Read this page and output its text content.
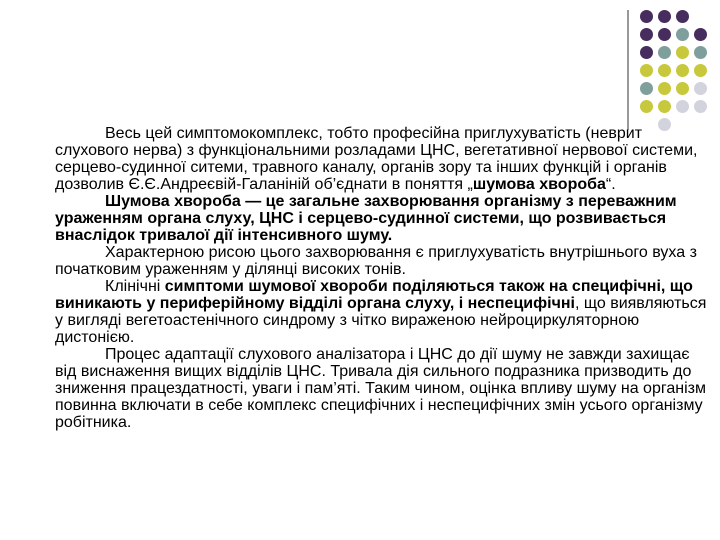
Весь цей симптомокомплекс, тобто професійна приглухуватість (неврит слухового нерва) з функціональними розладами ЦНС, вегетативної нервової системи, серцево-судинної ситеми, травного каналу, органів зору та інших функцій і органів дозволив Є.Є.Андреєвій-Галаніній об’єднати в поняття „шумова хвороба“.

Шумова хвороба — це загальне захворювання організму з переважним ураженням органа слуху, ЦНС і серцево-судинної системи, що розвивається внаслідок тривалої дії інтенсивного шуму.

Характерною рисою цього захворювання є приглухуватість внутрішнього вуха з початковим ураженням у ділянці високих тонів.

Клінічні симптоми шумової хвороби поділяються також на специфічні, що виникають у периферійному відділі органа слуху, і неспецифічні, що виявляються у вигляді вегетоастенічного синдрому з чітко вираженою нейроциркуляторною дистонією.

Процес адаптації слухового аналізатора і ЦНС до дії шуму не завжди захищає від виснаження вищих відділів ЦНС. Тривала дія сильного подразника призводить до зниження працездатності, уваги і пам’яті. Таким чином, оцінка впливу шуму на організм повинна включати в себе комплекс специфічних і неспецифічних змін усього організму робітника.
